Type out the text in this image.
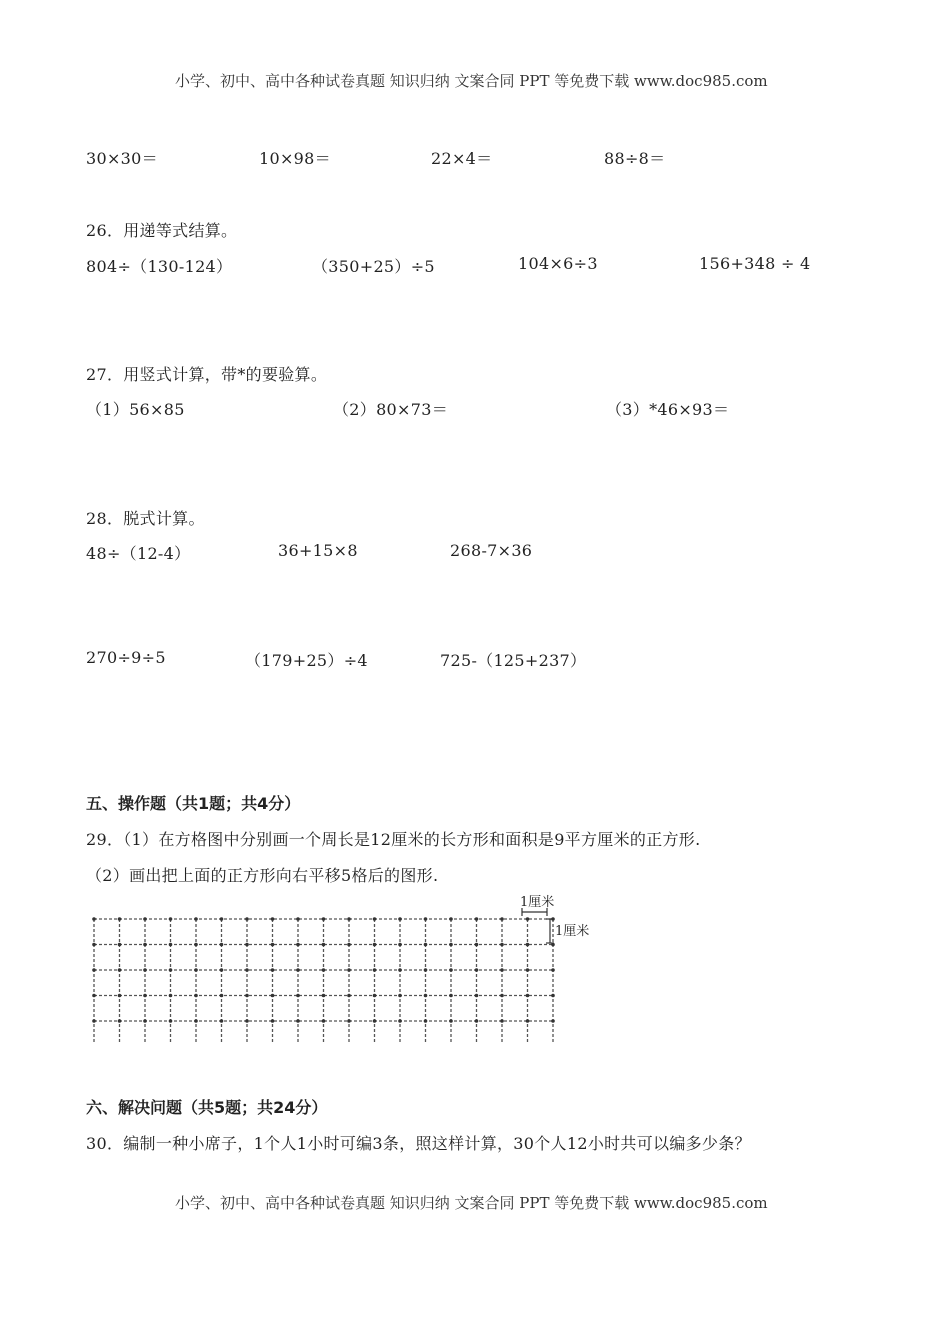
小学、初中、高中各种试卷真题 知识归纳 文案合同 PPT 等免费下载 www.doc985.com
30×30＝	10×98＝	22×4＝	88÷8＝
26．用递等式结算。
804÷（130-124）	（350+25）÷5	104×6÷3	156+348 ÷ 4
27．用竖式计算，带*的要验算。
（1）56×85	（2）80×73＝	（3）*46×93＝
28．脱式计算。
48÷（12-4）	36+15×8	268-7×36
270÷9÷5	（179+25）÷4	725-（125+237）
五、操作题（共1题；共4分）
29．（1）在方格图中分别画一个周长是12厘米的长方形和面积是9平方厘米的正方形.
（2）画出把上面的正方形向右平移5格后的图形.
1厘米
1厘米
六、解决问题（共5题；共24分）
30．编制一种小席子，1个人1小时可编3条，照这样计算，30个人12小时共可以编多少条？
小学、初中、高中各种试卷真题 知识归纳 文案合同 PPT 等免费下载 www.doc985.com
